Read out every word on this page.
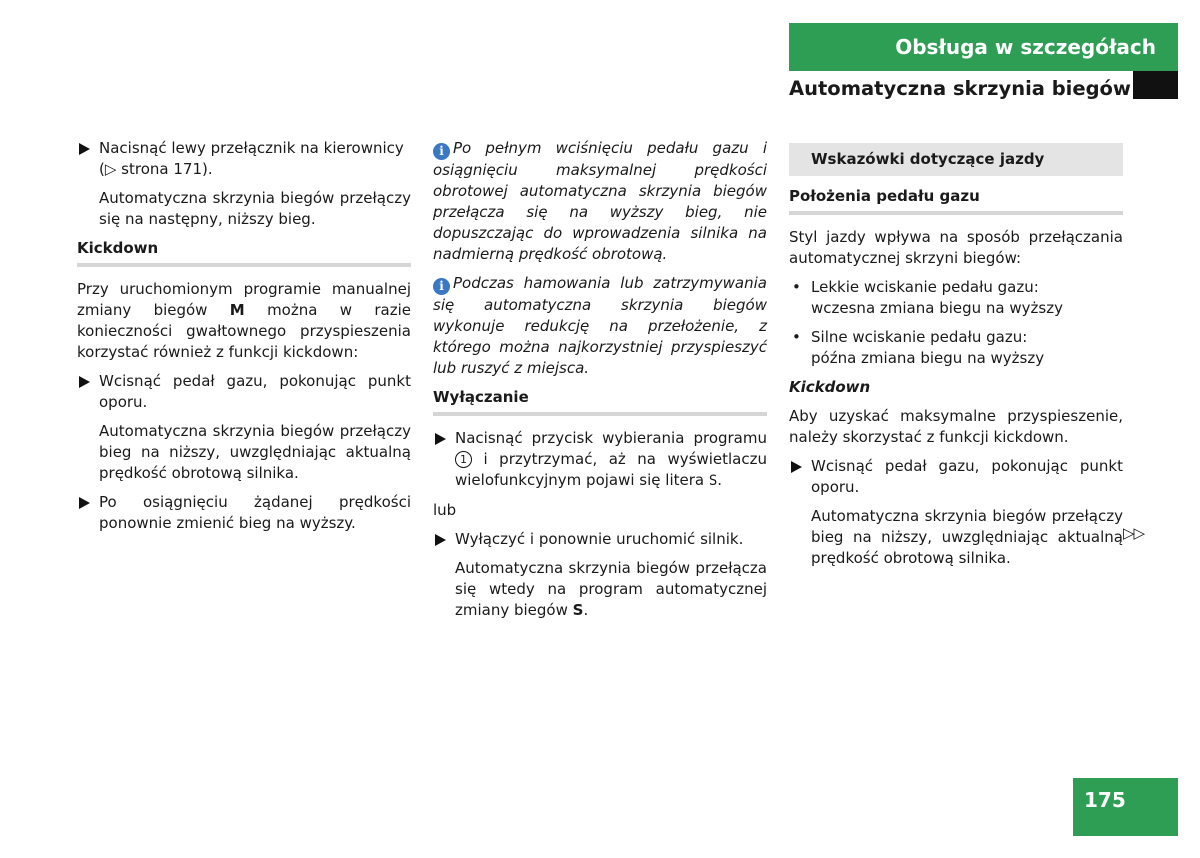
Obsługa w szczegółach
Automatyczna skrzynia biegów
Nacisnąć lewy przełącznik na kierownicy
(▷ strona 171).
Automatyczna skrzynia biegów przełączy się na następny, niższy bieg.
Kickdown
Przy uruchomionym programie manualnej zmiany biegów M można w razie konieczności gwałtownego przyspieszenia korzystać również z funkcji kickdown:
Wcisnąć pedał gazu, pokonując punkt oporu.
Automatyczna skrzynia biegów przełączy bieg na niższy, uwzględniając aktualną prędkość obrotową silnika.
Po osiągnięciu żądanej prędkości ponownie zmienić bieg na wyższy.
i Po pełnym wciśnięciu pedału gazu i osiągnięciu maksymalnej prędkości obrotowej automatyczna skrzynia biegów przełącza się na wyższy bieg, nie dopuszczając do wprowadzenia silnika na nadmierną prędkość obrotową.
i Podczas hamowania lub zatrzymywania się automatyczna skrzynia biegów wykonuje redukcję na przełożenie, z którego można najkorzystniej przyspieszyć lub ruszyć z miejsca.
Wyłączanie
Nacisnąć przycisk wybierania programu 1 i przytrzymać, aż na wyświetlaczu wielofunkcyjnym pojawi się litera S.
lub
Wyłączyć i ponownie uruchomić silnik.
Automatyczna skrzynia biegów przełącza się wtedy na program automatycznej zmiany biegów S.
Wskazówki dotyczące jazdy
Położenia pedału gazu
Styl jazdy wpływa na sposób przełączania automatycznej skrzyni biegów:
• Lekkie wciskanie pedału gazu:
wczesna zmiana biegu na wyższy
• Silne wciskanie pedału gazu:
późna zmiana biegu na wyższy
Kickdown
Aby uzyskać maksymalne przyspieszenie, należy skorzystać z funkcji kickdown.
Wcisnąć pedał gazu, pokonując punkt oporu.
Automatyczna skrzynia biegów przełączy bieg na niższy, uwzględniając aktualną prędkość obrotową silnika.
▷▷
175
